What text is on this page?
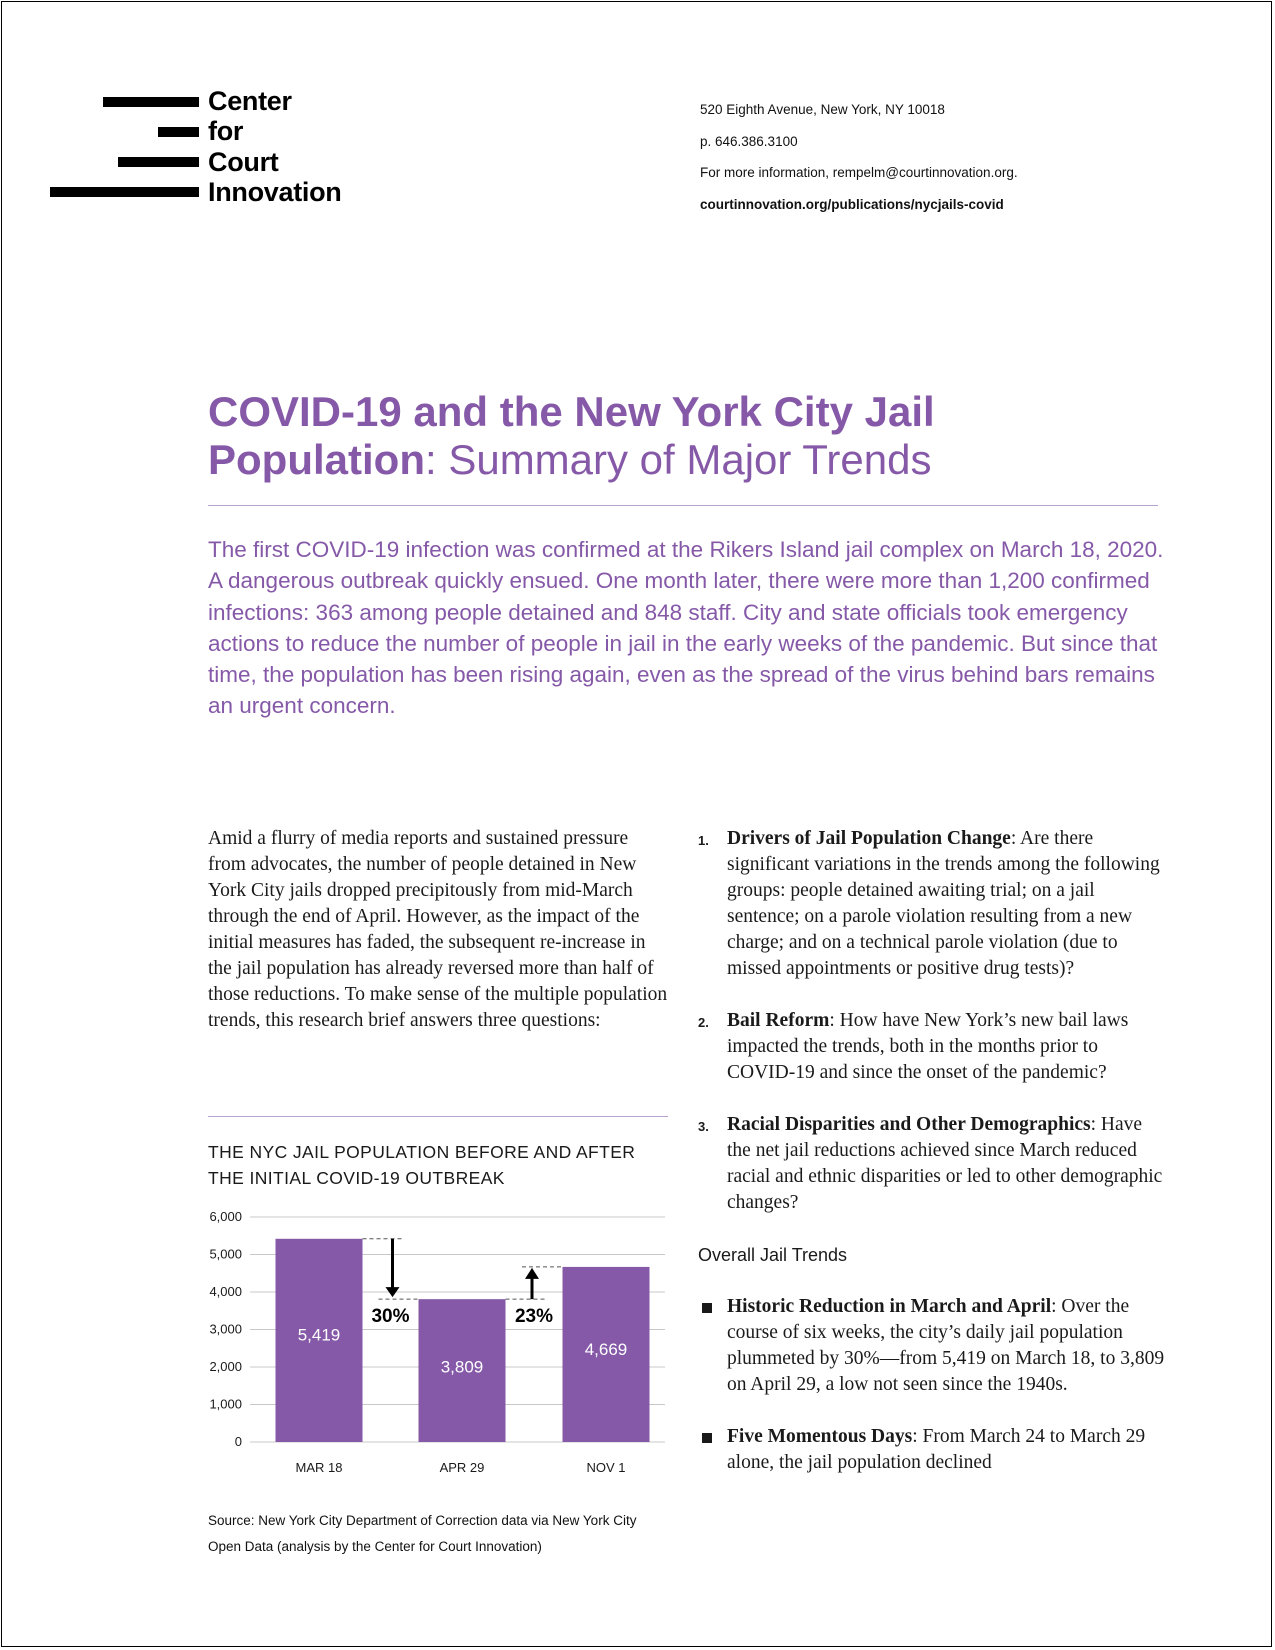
Center
for
Court
Innovation
520 Eighth Avenue, New York, NY 10018
p. 646.386.3100
For more information, rempelm@courtinnovation.org.
courtinnovation.org/publications/nycjails-covid
COVID-19 and the New York City Jail
Population: Summary of Major Trends

The first COVID-19 infection was confirmed at the Rikers Island jail complex on March 18, 2020. A dangerous outbreak quickly ensued. One month later, there were more than 1,200 confirmed infections: 363 among people detained and 848 staff. City and state officials took emergency actions to reduce the number of people in jail in the early weeks of the pandemic. But since that time, the population has been rising again, even as the spread of the virus behind bars remains an urgent concern.

Amid a flurry of media reports and sustained pressure from advocates, the number of people detained in New York City jails dropped precipitously from mid-March through the end of April. However, as the impact of the initial measures has faded, the subsequent re-increase in the jail population has already reversed more than half of those reductions. To make sense of the multiple population trends, this research brief answers three questions:

THE NYC JAIL POPULATION BEFORE AND AFTER THE INITIAL COVID-19 OUTBREAK

0
1,000
2,000
3,000
4,000
5,000
6,000
5,419
MAR 18
3,809
APR 29
4,669
NOV 1
30%	23%

Source: New York City Department of Correction data via New York City Open Data (analysis by the Center for Court Innovation)

1. Drivers of Jail Population Change: Are there significant variations in the trends among the following groups: people detained awaiting trial; on a jail sentence; on a parole violation resulting from a new charge; and on a technical parole violation (due to missed appointments or positive drug tests)?

2. Bail Reform: How have New York’s new bail laws impacted the trends, both in the months prior to COVID-19 and since the onset of the pandemic?

3. Racial Disparities and Other Demographics: Have the net jail reductions achieved since March reduced racial and ethnic disparities or led to other demographic changes?

Overall Jail Trends

Historic Reduction in March and April: Over the course of six weeks, the city’s daily jail population plummeted by 30%—from 5,419 on March 18, to 3,809 on April 29, a low not seen since the 1940s.

Five Momentous Days: From March 24 to March 29 alone, the jail population declined
